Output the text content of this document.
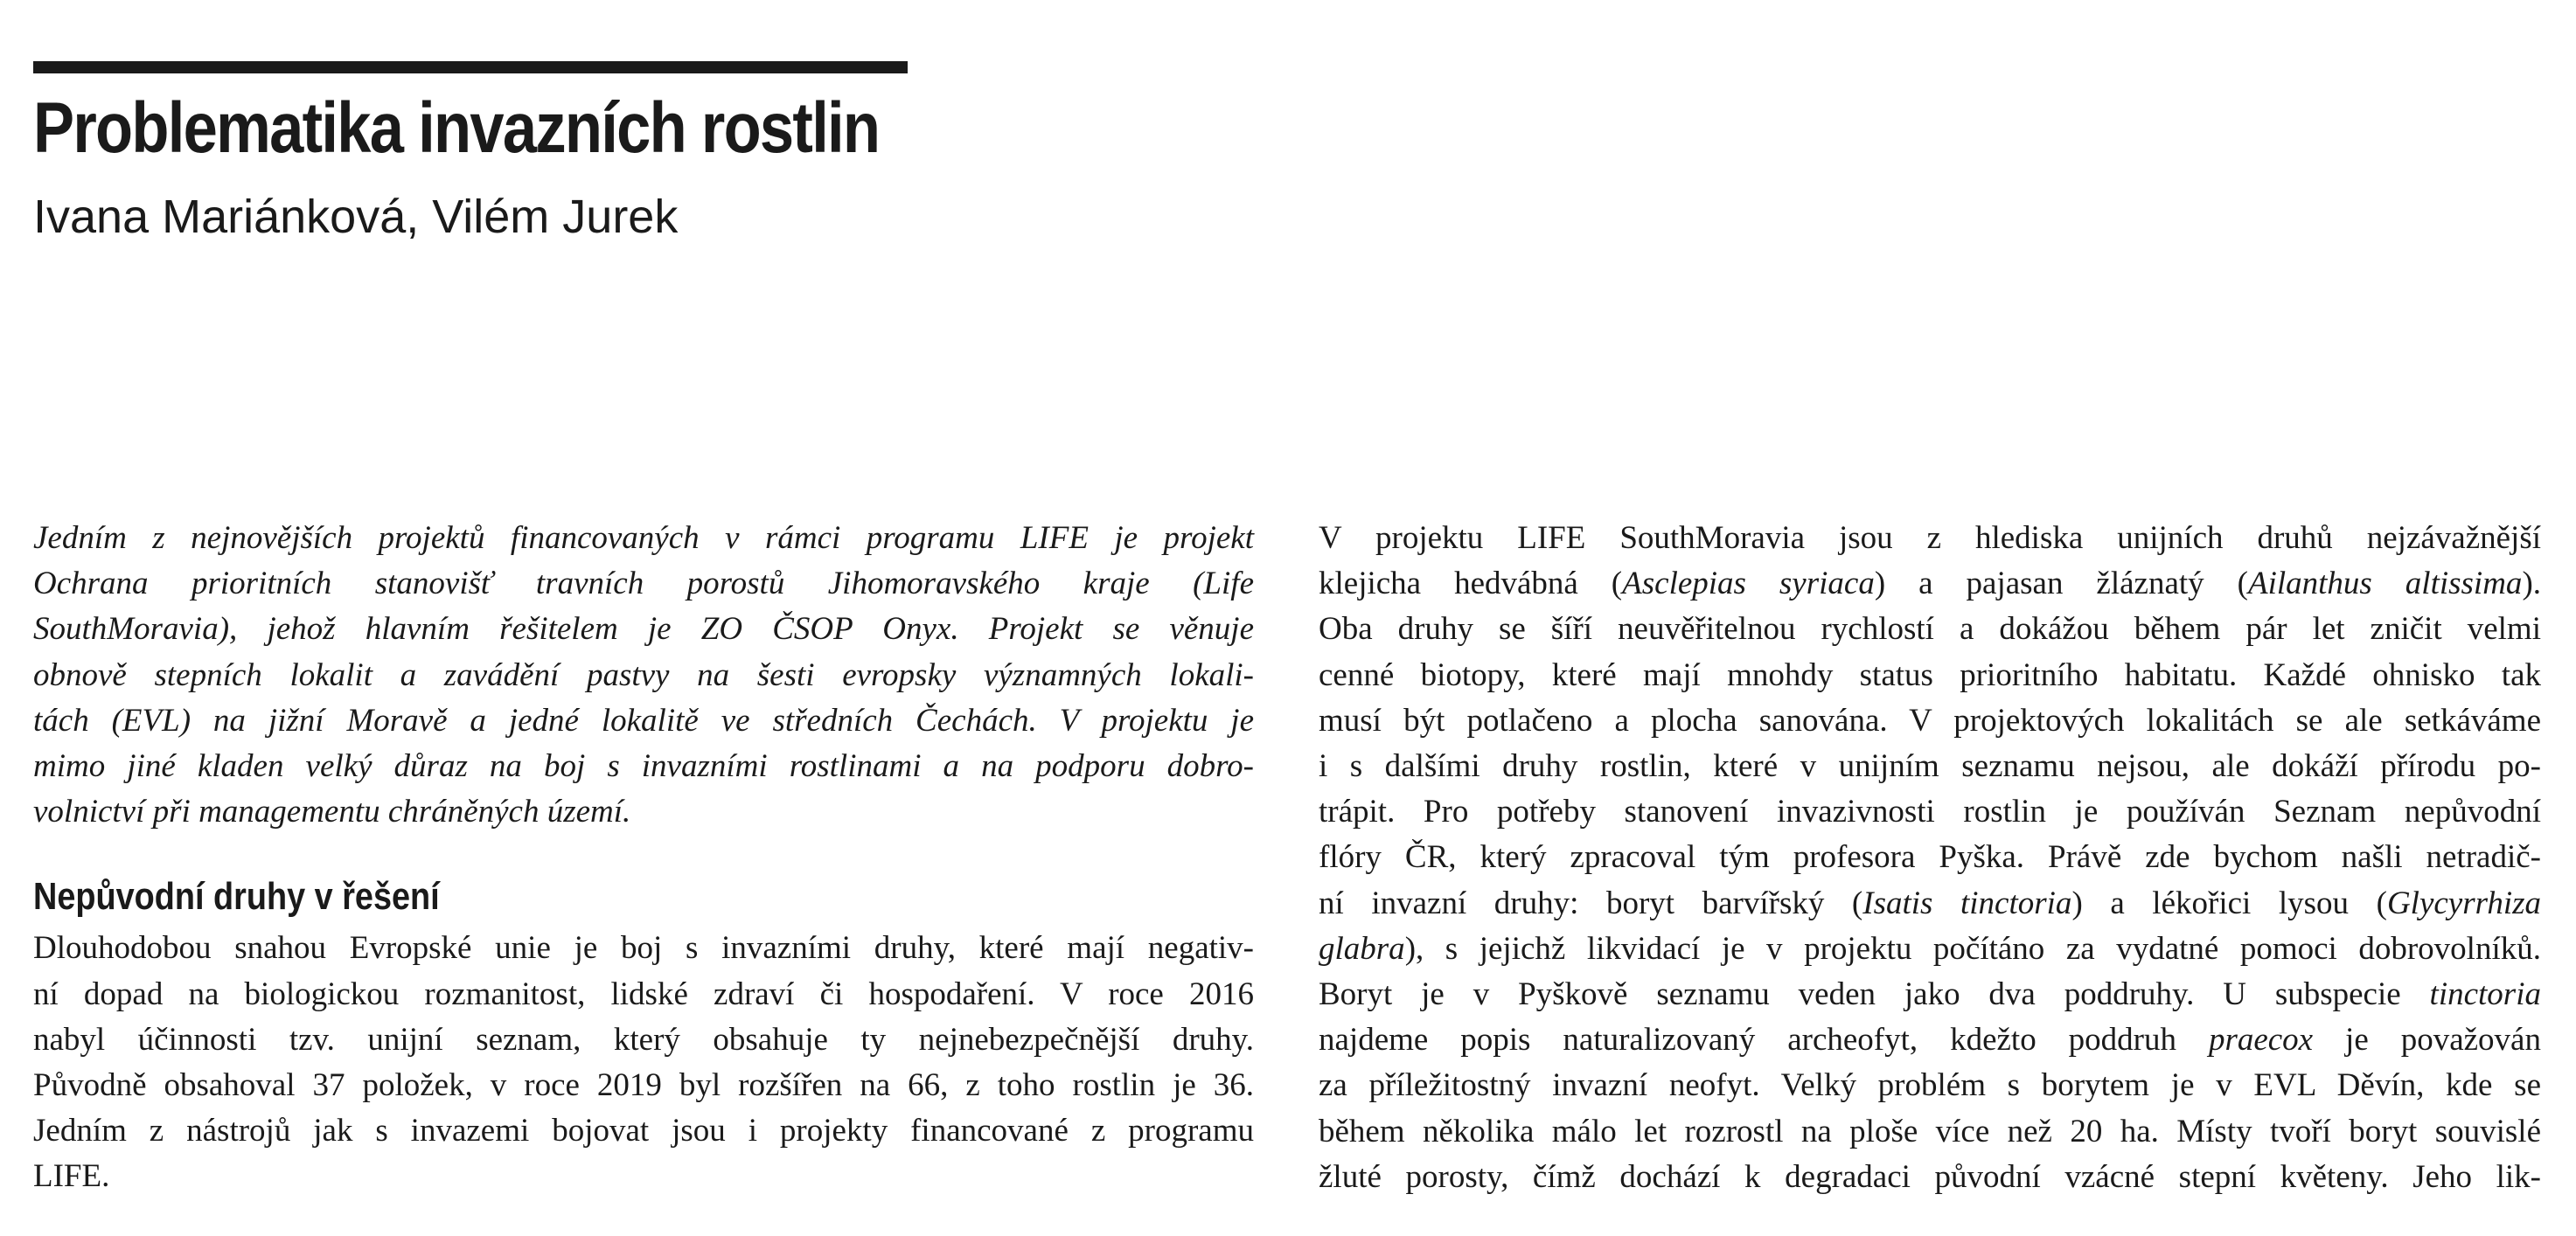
Problematika invazních rostlin
Ivana Mariánková, Vilém Jurek

Jedním z nejnovějších projektů financovaných v rámci programu LIFE je projekt

Ochrana prioritních stanovišť travních porostů Jihomoravského kraje (Life

SouthMoravia), jehož hlavním řešitelem je ZO ČSOP Onyx. Projekt se věnuje

obnově stepních lokalit a zavádění pastvy na šesti evropsky významných lokali-

tách (EVL) na jižní Moravě a jedné lokalitě ve středních Čechách. V projektu je

mimo jiné kladen velký důraz na boj s invazními rostlinami a na podporu dobro-

volnictví při managementu chráněných území.

Nepůvodní druhy v řešení

Dlouhodobou snahou Evropské unie je boj s invazními druhy, které mají negativ-

ní dopad na biologickou rozmanitost, lidské zdraví či hospodaření. V roce 2016

nabyl účinnosti tzv. unijní seznam, který obsahuje ty nejnebezpečnější druhy.

Původně obsahoval 37 položek, v roce 2019 byl rozšířen na 66, z toho rostlin je 36.

Jedním z nástrojů jak s invazemi bojovat jsou i projekty financované z programu

LIFE.

V projektu LIFE SouthMoravia jsou z hlediska unijních druhů nejzávažnější

klejicha hedvábná (Asclepias syriaca) a pajasan žláznatý (Ailanthus altissima).

Oba druhy se šíří neuvěřitelnou rychlostí a dokážou během pár let zničit velmi

cenné biotopy, které mají mnohdy status prioritního habitatu. Každé ohnisko tak

musí být potlačeno a plocha sanována. V projektových lokalitách se ale setkáváme

i s dalšími druhy rostlin, které v unijním seznamu nejsou, ale dokáží přírodu po-

trápit. Pro potřeby stanovení invazivnosti rostlin je používán Seznam nepůvodní

flóry ČR, který zpracoval tým profesora Pyška. Právě zde bychom našli netradič-

ní invazní druhy: boryt barvířský (Isatis tinctoria) a lékořici lysou (Glycyrrhiza

glabra), s jejichž likvidací je v projektu počítáno za vydatné pomoci dobrovolníků.

Boryt je v Pyškově seznamu veden jako dva poddruhy. U subspecie tinctoria

najdeme popis naturalizovaný archeofyt, kdežto poddruh praecox je považován

za příležitostný invazní neofyt. Velký problém s borytem je v EVL Děvín, kde se

během několika málo let rozrostl na ploše více než 20 ha. Místy tvoří boryt souvislé

žluté porosty, čímž dochází k degradaci původní vzácné stepní květeny. Jeho lik-
